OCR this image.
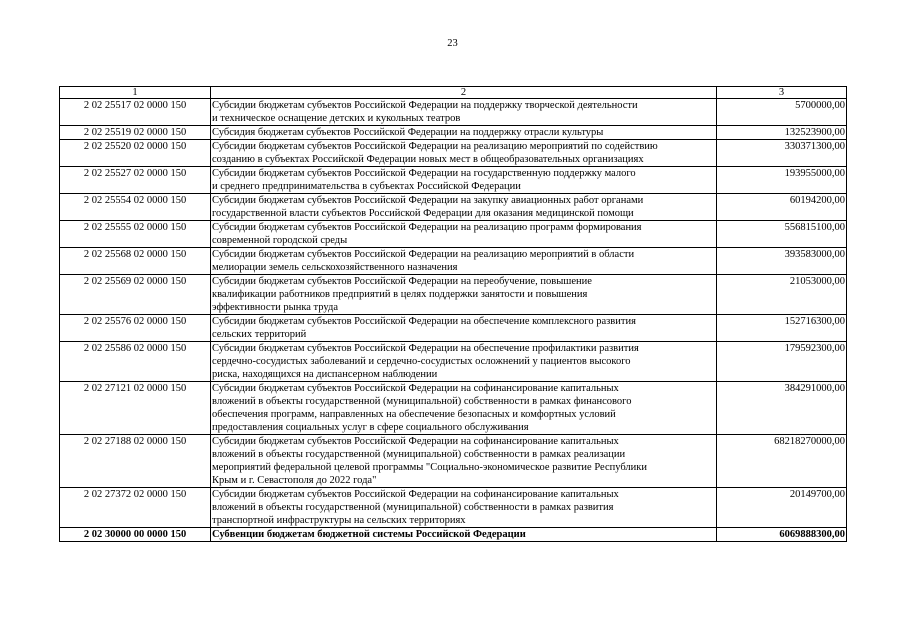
23
1	2	3
2 02 25517 02 0000 150	Субсидии бюджетам субъектов Российской Федерации на поддержку творческой деятельности
и техническое оснащение детских и кукольных театров	5700000,00
2 02 25519 02 0000 150	Субсидия бюджетам субъектов Российской Федерации на поддержку отрасли культуры	132523900,00
2 02 25520 02 0000 150	Субсидии бюджетам субъектов Российской Федерации на реализацию мероприятий по содействию
созданию в субъектах Российской Федерации новых мест в общеобразовательных организациях	330371300,00
2 02 25527 02 0000 150	Субсидии бюджетам субъектов Российской Федерации на государственную поддержку малого
и среднего предпринимательства в субъектах Российской Федерации	193955000,00
2 02 25554 02 0000 150	Субсидии бюджетам субъектов Российской Федерации на закупку авиационных работ органами
государственной власти субъектов Российской Федерации для оказания медицинской помощи	60194200,00
2 02 25555 02 0000 150	Субсидии бюджетам субъектов Российской Федерации на реализацию программ формирования
современной городской среды	556815100,00
2 02 25568 02 0000 150	Субсидии бюджетам субъектов Российской Федерации на реализацию мероприятий в области
мелиорации земель сельскохозяйственного назначения	393583000,00
2 02 25569 02 0000 150	Субсидии бюджетам субъектов Российской Федерации на переобучение, повышение
квалификации работников предприятий в целях поддержки занятости и повышения
эффективности рынка труда	21053000,00
2 02 25576 02 0000 150	Субсидии бюджетам субъектов Российской Федерации на обеспечение комплексного развития
сельских территорий	152716300,00
2 02 25586 02 0000 150	Субсидии бюджетам субъектов Российской Федерации на обеспечение профилактики развития
сердечно-сосудистых заболеваний и сердечно-сосудистых осложнений у пациентов высокого
риска, находящихся на диспансерном наблюдении	179592300,00
2 02 27121 02 0000 150	Субсидии бюджетам субъектов Российской Федерации на софинансирование капитальных
вложений в объекты государственной (муниципальной) собственности в рамках финансового
обеспечения программ, направленных на обеспечение безопасных и комфортных условий
предоставления социальных услуг в сфере социального обслуживания	384291000,00
2 02 27188 02 0000 150	Субсидии бюджетам субъектов Российской Федерации на софинансирование капитальных
вложений в объекты государственной (муниципальной) собственности в рамках реализации
мероприятий федеральной целевой программы "Социально-экономическое развитие Республики
Крым и г. Севастополя до 2022 года"	68218270000,00
2 02 27372 02 0000 150	Субсидии бюджетам субъектов Российской Федерации на софинансирование капитальных
вложений в объекты государственной (муниципальной) собственности в рамках развития
транспортной инфраструктуры на сельских территориях	20149700,00
2 02 30000 00 0000 150	Субвенции бюджетам бюджетной системы Российской Федерации	6069888300,00
